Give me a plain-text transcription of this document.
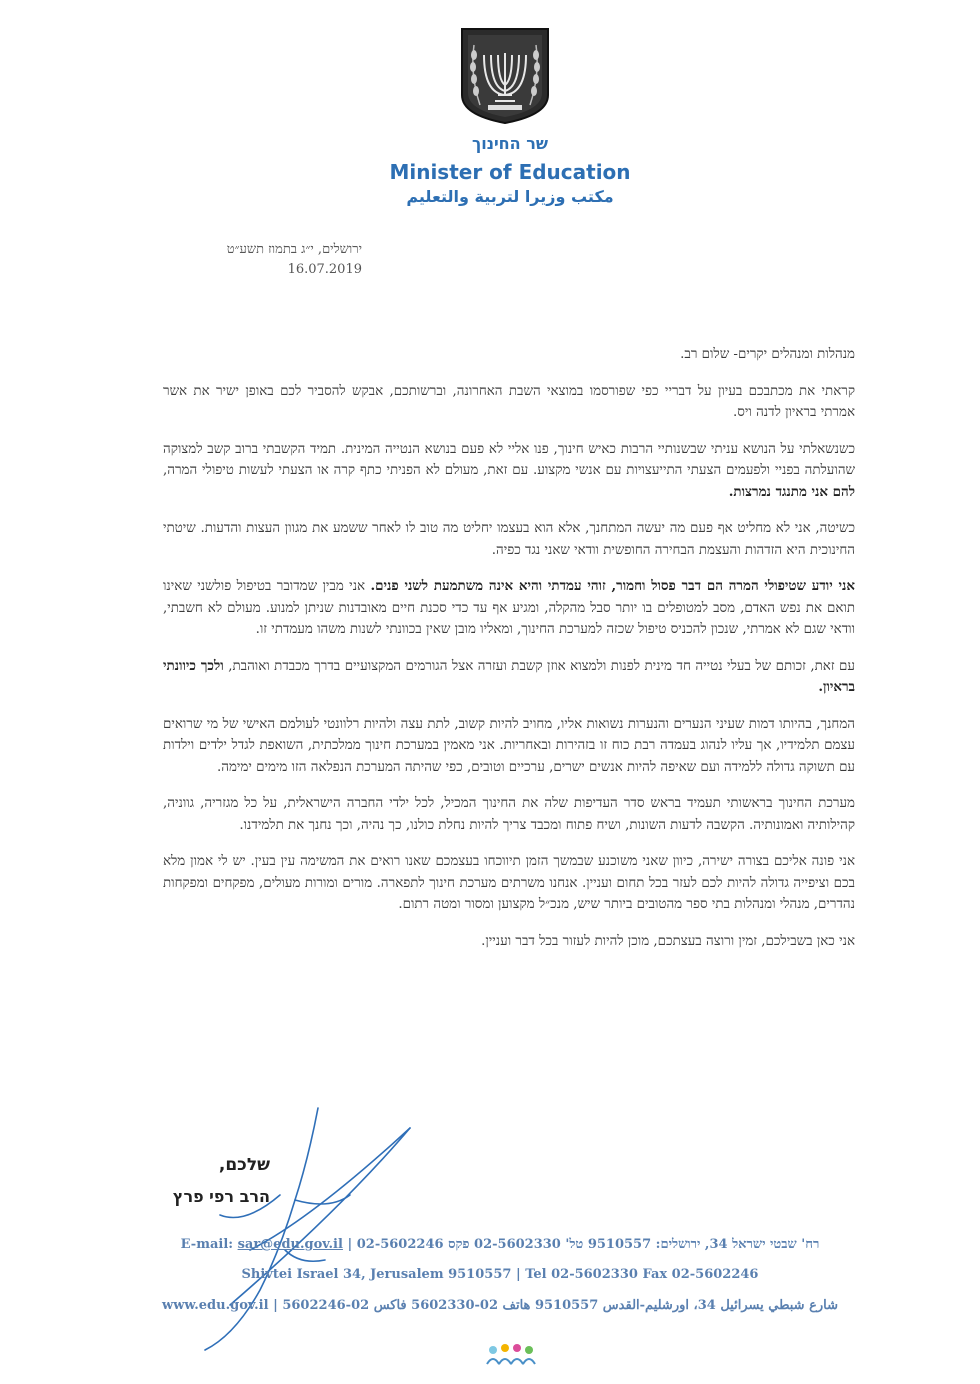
שר החינוך
Minister of Education
مكتب وزيرا لتربية والتعليم
ירושלים, י״ג בתמוז תשע״ט
16.07.2019

מנהלות ומנהלים יקרים- שלום רב.

קראתי את מכתבכם בעיון על דבריי כפי שפורסמו במוצאי השבת האחרונה, וברשותכם, אבקש להסביר לכם באופן ישיר את אשר אמרתי בראיון לדנה ויס.

כשנשאלתי על הנושא עניתי שבשנותיי הרבות כאיש חינוך, פנו אליי לא פעם בנושא הנטייה המינית. תמיד הקשבתי ברוב קשב למצוקה שהועלתה בפניי ולפעמים הצעתי התייעצויות עם אנשי מקצוע. עם זאת, מעולם לא הפניתי כתף קרה או הצעתי לעשות טיפולי המרה, להם אני מתנגד נמרצות.

כשיטה, אני לא מחליט אף פעם מה יעשה המתחנך, אלא הוא בעצמו יחליט מה טוב לו לאחר ששמע את מגוון העצות והדעות. שיטתי החינוכית היא הזדהות והעצמת הבחירה החופשית וודאי שאני נגד כפיה.

אני יודע שטיפולי המרה הם דבר פסול וחמור, זוהי עמדתי והיא אינה משתמעת לשני פנים. אני מבין שמדובר בטיפול פולשני שאינו תואם את נפש האדם, מסב למטופלים בו יותר סבל מהקלה, ומגיע אף עד כדי סכנת חיים מאובדנות שניתן למנוע. מעולם לא חשבתי, וודאי שגם לא אמרתי, שנכון להכניס טיפול שכזה למערכת החינוך, ומאליו מובן שאין בכוונתי לשנות משהו מעמדתי זו.

עם זאת, זכותם של בעלי נטייה חד מינית לפנות ולמצוא אוזן קשבת ועזרה אצל הגורמים המקצועיים בדרך מכבדת ואוהבת, ולכך כיוונתי בראיון.

המחנך, בהיותו דמות שעיני הנערים והנערות נשואות אליו, מחויב להיות קשוב, לתת עצה ולהיות רלוונטי לעולמם האישי של מי שרואים עצמם תלמידיו, אך עליו לנהוג בעמדה רבת כוח זו בזהירות ובאחריות. אני מאמין במערכת חינוך ממלכתית, השואפת לגדל ילדים וילדות עם תשוקה גדולה ללמידה ועם שאיפה להיות אנשים ישרים, ערכיים וטובים, כפי שהיתה המערכת הנפלאה הזו מימים ימימה.

מערכת החינוך בראשותי תעמיד בראש סדר העדיפות שלה את החינוך המכיל, לכל ילדי החברה הישראלית, על כל מגזריה, גווניה, קהילותיה ואמונותיה. הקשבה לדעות השונות, ושיח פתוח ומכבד צריך להיות נחלת כולנו, כך נהיה, וכך נחנך את תלמידנו.

אני פונה אליכם בצורה ישירה, כיוון שאני משוכנע שבמשך הזמן תיווכחו בעצמכם שאנו רואים את המשימה עין בעין. יש לי אמון מלא בכם וציפייה גדולה להיות לכם לעזר בכל תחום ועניין. אנחנו משרתים מערכת חינוך לתפארה. מורים ומורות מעולים, מפקחים ומפקחות נהדרים, מנהלי ומנהלות בתי ספר מהטובים ביותר שיש, מנכ״ל מקצוען ומסור ומטה רתום.

אני כאן בשבילכם, זמין ורוצה בעצתכם, מוכן להיות לעזור בכל דבר ועניין.

שלכם,
הרב רפי פרץ
E-mail: sar@edu.gov.il רח' שבטי ישראל 34, ירושלים: 9510557 טל' 02-5602330 פקס 02-5602246 |
Shivtei Israel 34, Jerusalem 9510557 | Tel 02-5602330 Fax 02-5602246
www.edu.gov.il شارع شبطي يسرائيل 34، اورشليم-القدس 9510557 هاتف 02-5602330 فاكس 02-5602246 |
